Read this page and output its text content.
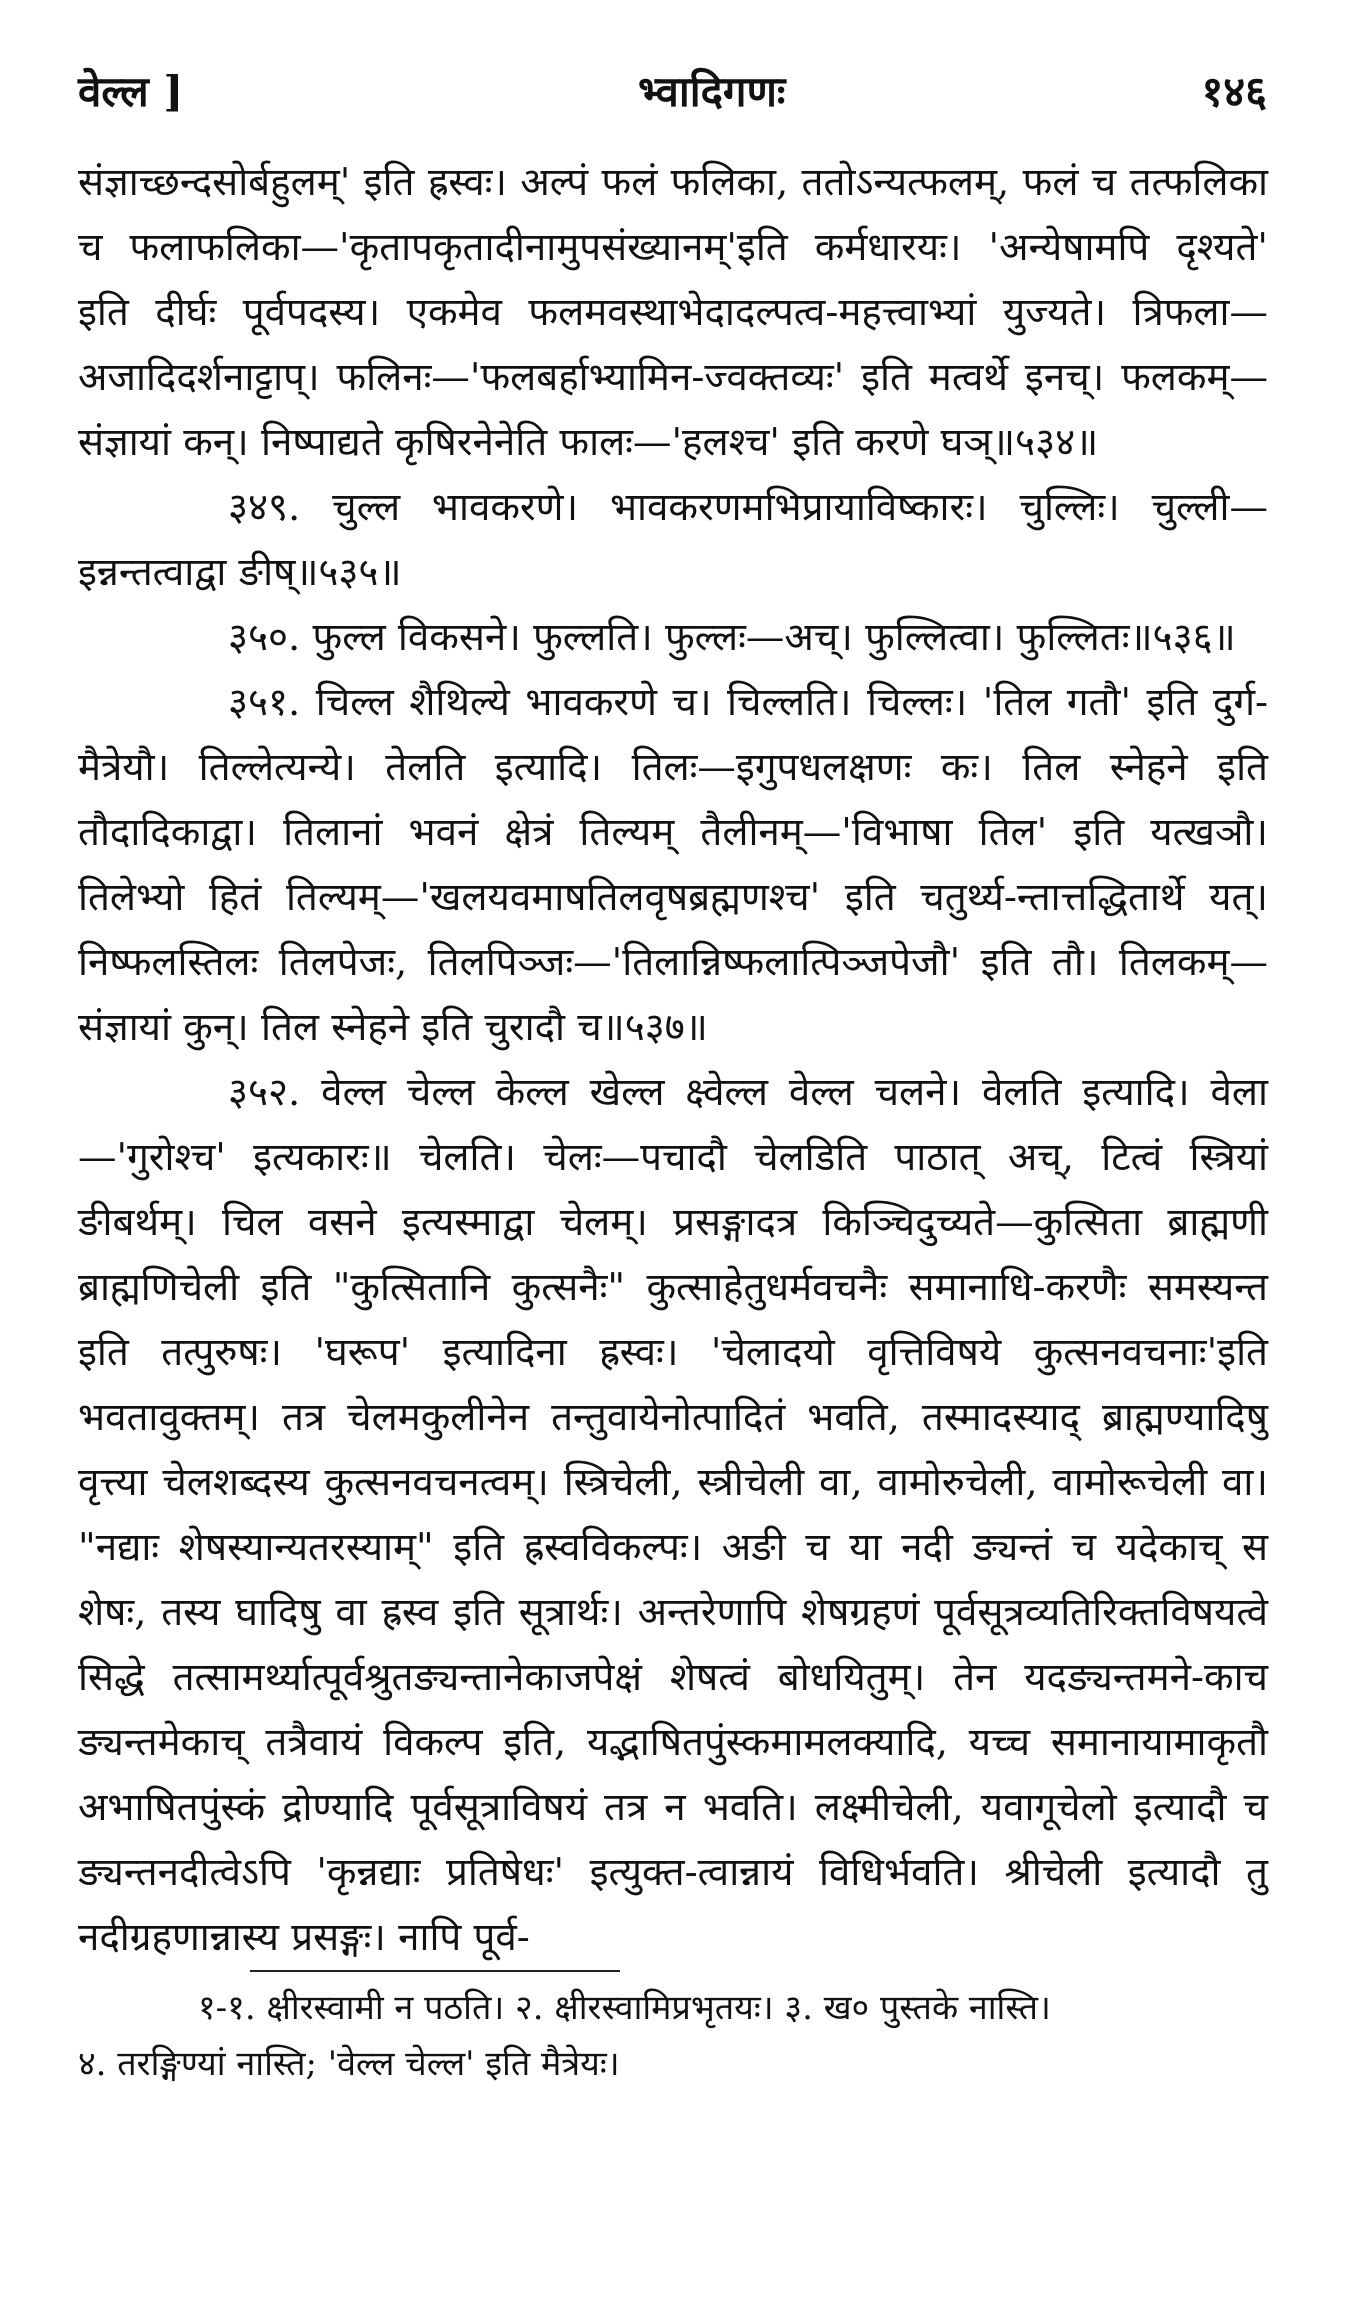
वेल्ल ]	भ्वादिगणः	१४६

संज्ञाच्छन्दसोर्बहुलम्' इति ह्रस्वः। अल्पं फलं फलिका, ततोऽन्यत्फलम्, फलं च तत्फलिका च फलाफलिका—'कृतापकृतादीनामुपसंख्यानम्'इति कर्मधारयः। 'अन्येषामपि दृश्यते' इति दीर्घः पूर्वपदस्य। एकमेव फलमवस्थाभेदादल्पत्व-महत्त्वाभ्यां युज्यते। त्रिफला—अजादिदर्शनाट्टाप्। फलिनः—'फलबर्हाभ्यामिन-ज्वक्तव्यः' इति मत्वर्थे इनच्। फलकम्—संज्ञायां कन्। निष्पाद्यते कृषिरनेनेति फालः—'हलश्च' इति करणे घञ्॥५३४॥

३४९. चुल्ल भावकरणे। भावकरणमभिप्रायाविष्कारः। चुल्लिः। चुल्ली—इन्नन्तत्वाद्वा ङीष्॥५३५॥

३५०. फुल्ल विकसने। फुल्लति। फुल्लः—अच्। फुल्लित्वा। फुल्लितः॥५३६॥

३५१. चिल्ल शैथिल्ये भावकरणे च। चिल्लति। चिल्लः। 'तिल गतौ' इति दुर्ग-मैत्रेयौ। तिल्लेत्यन्ये। तेलति इत्यादि। तिलः—इगुपधलक्षणः कः। तिल स्नेहने इति तौदादिकाद्वा। तिलानां भवनं क्षेत्रं तिल्यम् तैलीनम्—'विभाषा तिल' इति यत्खञौ। तिलेभ्यो हितं तिल्यम्—'खलयवमाषतिलवृषब्रह्मणश्च' इति चतुर्थ्य-न्तात्तद्धितार्थे यत्। निष्फलस्तिलः तिलपेजः, तिलपिञ्जः—'तिलान्निष्फलात्पिञ्जपेजौ' इति तौ। तिलकम्—संज्ञायां कुन्। तिल स्नेहने इति चुरादौ च॥५३७॥

३५२. वेल्ल चेल्ल केल्ल खेल्ल क्ष्वेल्ल वेल्ल चलने। वेलति इत्यादि। वेला—'गुरोश्च' इत्यकारः॥ चेलति। चेलः—पचादौ चेलडिति पाठात् अच्, टित्वं स्त्रियां ङीबर्थम्। चिल वसने इत्यस्माद्वा चेलम्। प्रसङ्गादत्र किञ्चिदुच्यते—कुत्सिता ब्राह्मणी ब्राह्मणिचेली इति "कुत्सितानि कुत्सनैः" कुत्साहेतुधर्मवचनैः समानाधि-करणैः समस्यन्त इति तत्पुरुषः। 'घरूप' इत्यादिना ह्रस्वः। 'चेलादयो वृत्तिविषये कुत्सनवचनाः'इति भवतावुक्तम्। तत्र चेलमकुलीनेन तन्तुवायेनोत्पादितं भवति, तस्मादस्याद् ब्राह्मण्यादिषु वृत्त्या चेलशब्दस्य कुत्सनवचनत्वम्। स्त्रिचेली, स्त्रीचेली वा, वामोरुचेली, वामोरूचेली वा। "नद्याः शेषस्यान्यतरस्याम्" इति ह्रस्वविकल्पः। अङी च या नदी ङ्यन्तं च यदेकाच् स शेषः, तस्य घादिषु वा ह्रस्व इति सूत्रार्थः। अन्तरेणापि शेषग्रहणं पूर्वसूत्रव्यतिरिक्तविषयत्वे सिद्धे तत्सामर्थ्यात्पूर्वश्रुतङ्यन्तानेकाजपेक्षं शेषत्वं बोधयितुम्। तेन यदङ्यन्तमने-काच ङ्यन्तमेकाच् तत्रैवायं विकल्प इति, यद्भाषितपुंस्कमामलक्यादि, यच्च समानायामाकृतौ अभाषितपुंस्कं द्रोण्यादि पूर्वसूत्राविषयं तत्र न भवति। लक्ष्मीचेली, यवागूचेलो इत्यादौ च ङ्यन्तनदीत्वेऽपि 'कृन्नद्याः प्रतिषेधः' इत्युक्त-त्वान्नायं विधिर्भवति। श्रीचेली इत्यादौ तु नदीग्रहणान्नास्य प्रसङ्गः। नापि पूर्व-

१-१. क्षीरस्वामी न पठति। २. क्षीरस्वामिप्रभृतयः। ३. ख० पुस्तके नास्ति।

४. तरङ्गिण्यां नास्ति; 'वेल्ल चेल्ल' इति मैत्रेयः।
